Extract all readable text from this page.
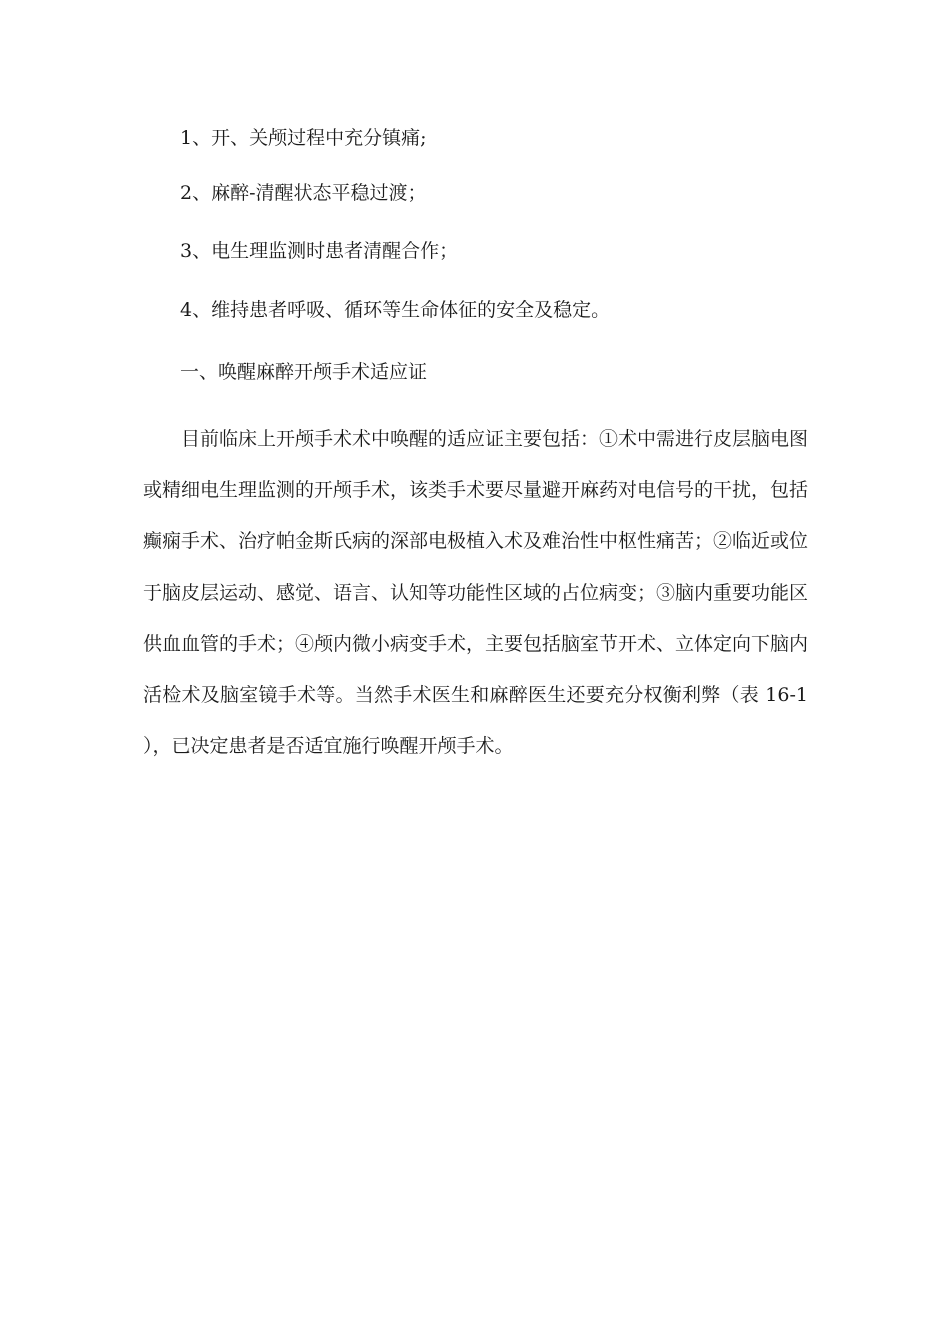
1、开、关颅过程中充分镇痛;
2、麻醉-清醒状态平稳过渡；
3、电生理监测时患者清醒合作；
4、维持患者呼吸、循环等生命体征的安全及稳定。
一、唤醒麻醉开颅手术适应证

目前临床上开颅手术术中唤醒的适应证主要包括：①术中需进行皮层脑电图或精细电生理监测的开颅手术，该类手术要尽量避开麻药对电信号的干扰，包括癫痫手术、治疗帕金斯氏病的深部电极植入术及难治性中枢性痛苦；②临近或位于脑皮层运动、感觉、语言、认知等功能性区域的占位病变；③脑内重要功能区供血血管的手术；④颅内微小病变手术，主要包括脑室节开术、立体定向下脑内活检术及脑室镜手术等。当然手术医生和麻醉医生还要充分权衡利弊（表 16-1 ），已决定患者是否适宜施行唤醒开颅手术。
